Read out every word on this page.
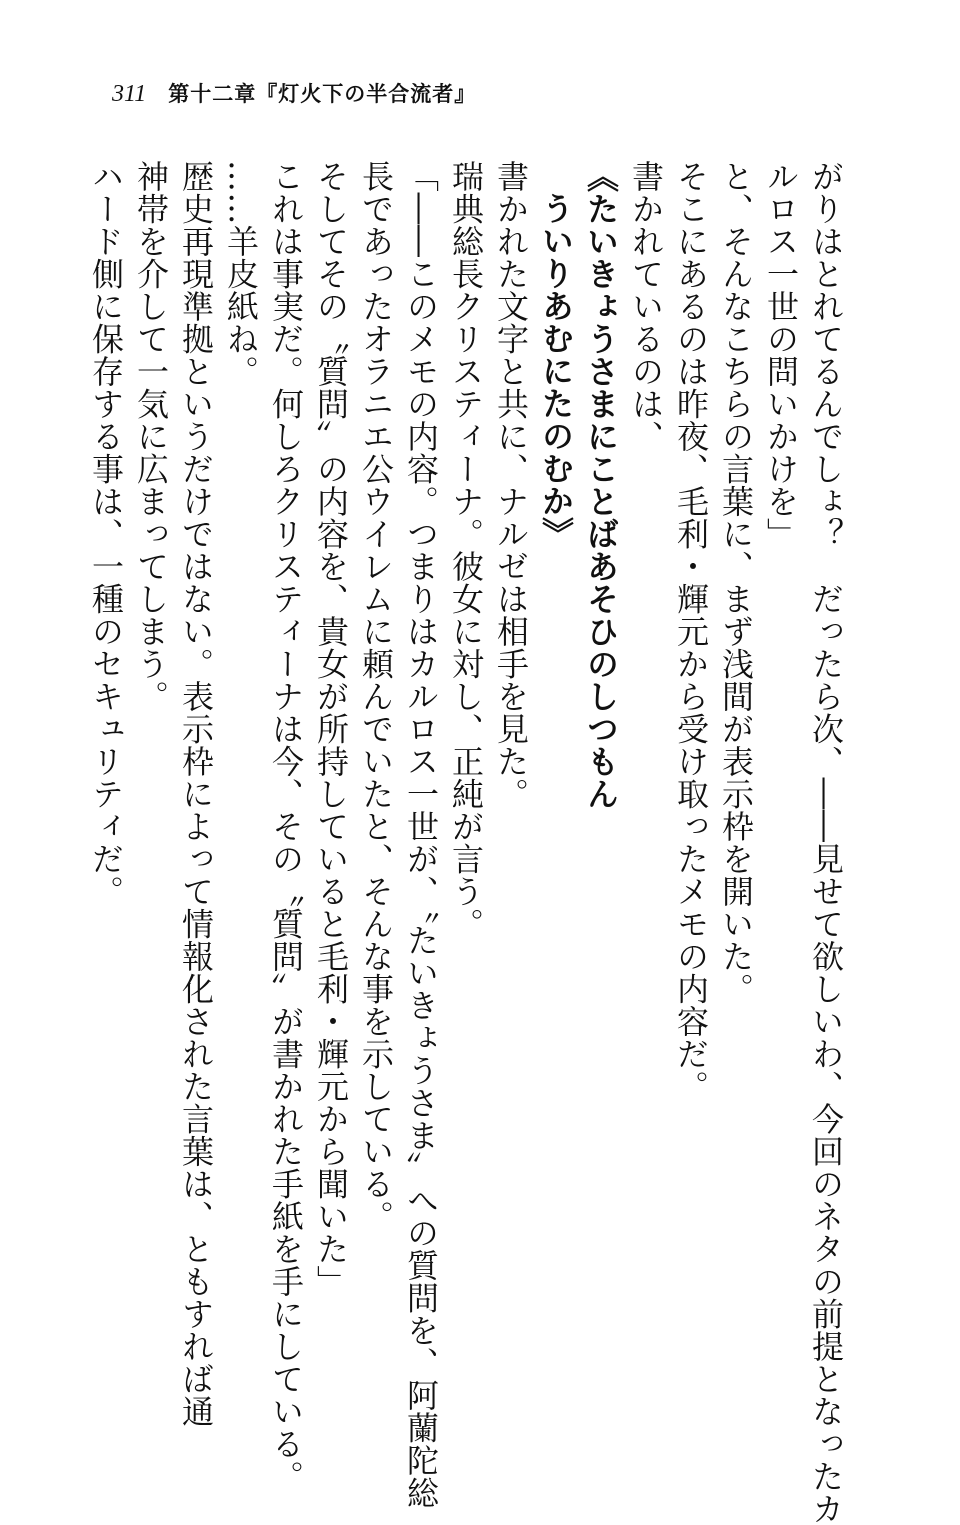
311 第十二章『灯火下の半合流者』
がりはとれてるんでしょ？　だったら次、――見せて欲しいわ、今回のネタの前提となったカ
ルロス一世の問いかけを」
と、そんなこちらの言葉に、まず浅間が表示枠を開いた。
そこにあるのは昨夜、毛利・輝元から受け取ったメモの内容だ。
書かれているのは、
《たいきょうさまにことばあそひのしつもん
ういりあむにたのむか》
書かれた文字と共に、ナルゼは相手を見た。
瑞典総長クリスティーナ。彼女に対し、正純が言う。
「――このメモの内容。つまりはカルロス一世が、〝たいきょうさま〟への質問を、阿蘭陀総
長であったオラニエ公ウイレムに頼んでいたと、そんな事を示している。
そしてその〝質問〟の内容を、貴女が所持していると毛利・輝元から聞いた」
これは事実だ。何しろクリスティーナは今、その〝質問〟が書かれた手紙を手にしている。
……羊皮紙ね。
歴史再現準拠というだけではない。表示枠によって情報化された言葉は、ともすれば通
神帯を介して一気に広まってしまう。
ハード側に保存する事は、一種のセキュリティだ。
